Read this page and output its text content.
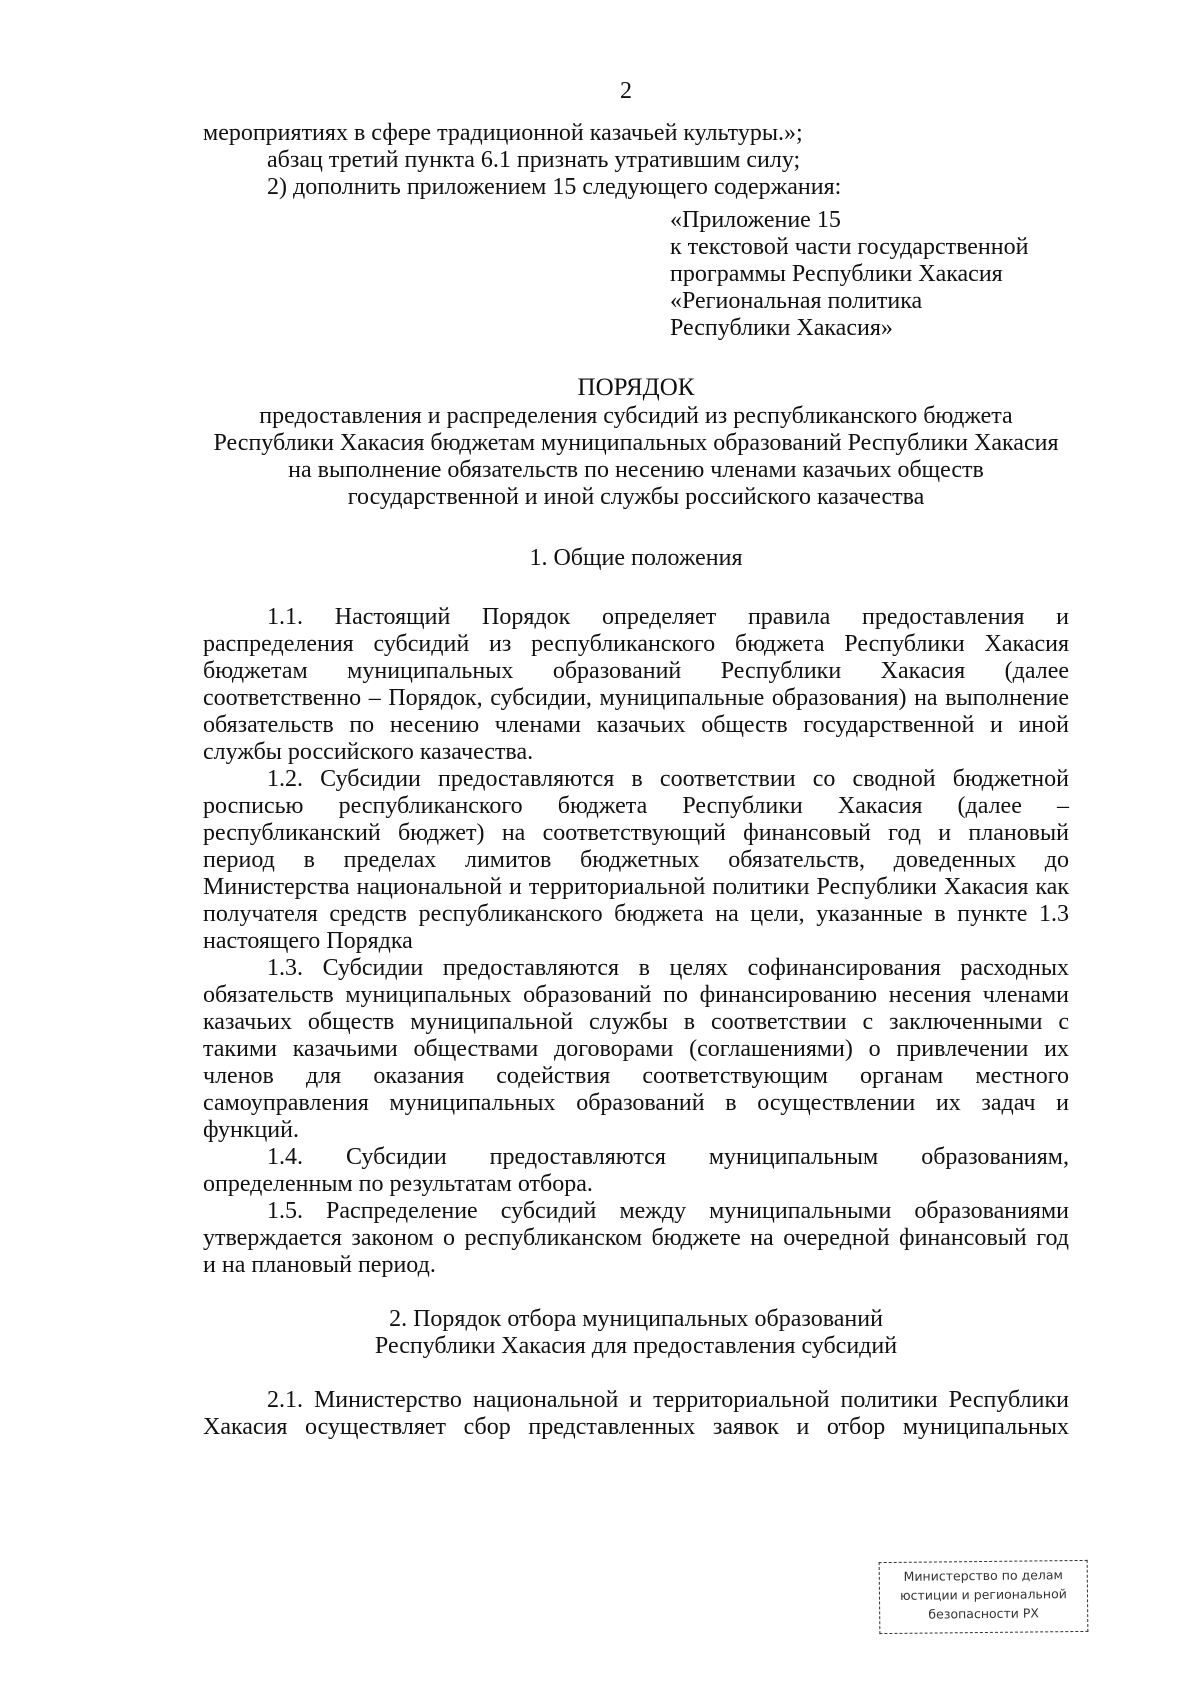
2
мероприятиях в сфере традиционной казачьей культуры.»;
абзац третий пункта 6.1 признать утратившим силу;
2) дополнить приложением 15 следующего содержания:
«Приложение 15
к текстовой части государственной
программы Республики Хакасия
«Региональная политика
Республики Хакасия»
ПОРЯДОК
предоставления и распределения субсидий из республиканского бюджета
Республики Хакасия бюджетам муниципальных образований Республики Хакасия
на выполнение обязательств по несению членами казачьих обществ
государственной и иной службы российского казачества
1. Общие положения
1.1. Настоящий Порядок определяет правила предоставления и
распределения субсидий из республиканского бюджета Республики Хакасия
бюджетам муниципальных образований Республики Хакасия (далее
соответственно – Порядок, субсидии, муниципальные образования) на выполнение
обязательств по несению членами казачьих обществ государственной и иной
службы российского казачества.
1.2. Субсидии предоставляются в соответствии со сводной бюджетной
росписью республиканского бюджета Республики Хакасия (далее –
республиканский бюджет) на соответствующий финансовый год и плановый
период в пределах лимитов бюджетных обязательств, доведенных до
Министерства национальной и территориальной политики Республики Хакасия как
получателя средств республиканского бюджета на цели, указанные в пункте 1.3
настоящего Порядка
1.3. Субсидии предоставляются в целях софинансирования расходных
обязательств муниципальных образований по финансированию несения членами
казачьих обществ муниципальной службы в соответствии с заключенными с
такими казачьими обществами договорами (соглашениями) о привлечении их
членов для оказания содействия соответствующим органам местного
самоуправления муниципальных образований в осуществлении их задач и
функций.
1.4. Субсидии предоставляются муниципальным образованиям,
определенным по результатам отбора.
1.5. Распределение субсидий между муниципальными образованиями
утверждается законом о республиканском бюджете на очередной финансовый год
и на плановый период.
2. Порядок отбора муниципальных образований
Республики Хакасия для предоставления субсидий
2.1. Министерство национальной и территориальной политики Республики
Хакасия осуществляет сбор представленных заявок и отбор муниципальных
Министерство по делам
юстиции и региональной
безопасности РХ
